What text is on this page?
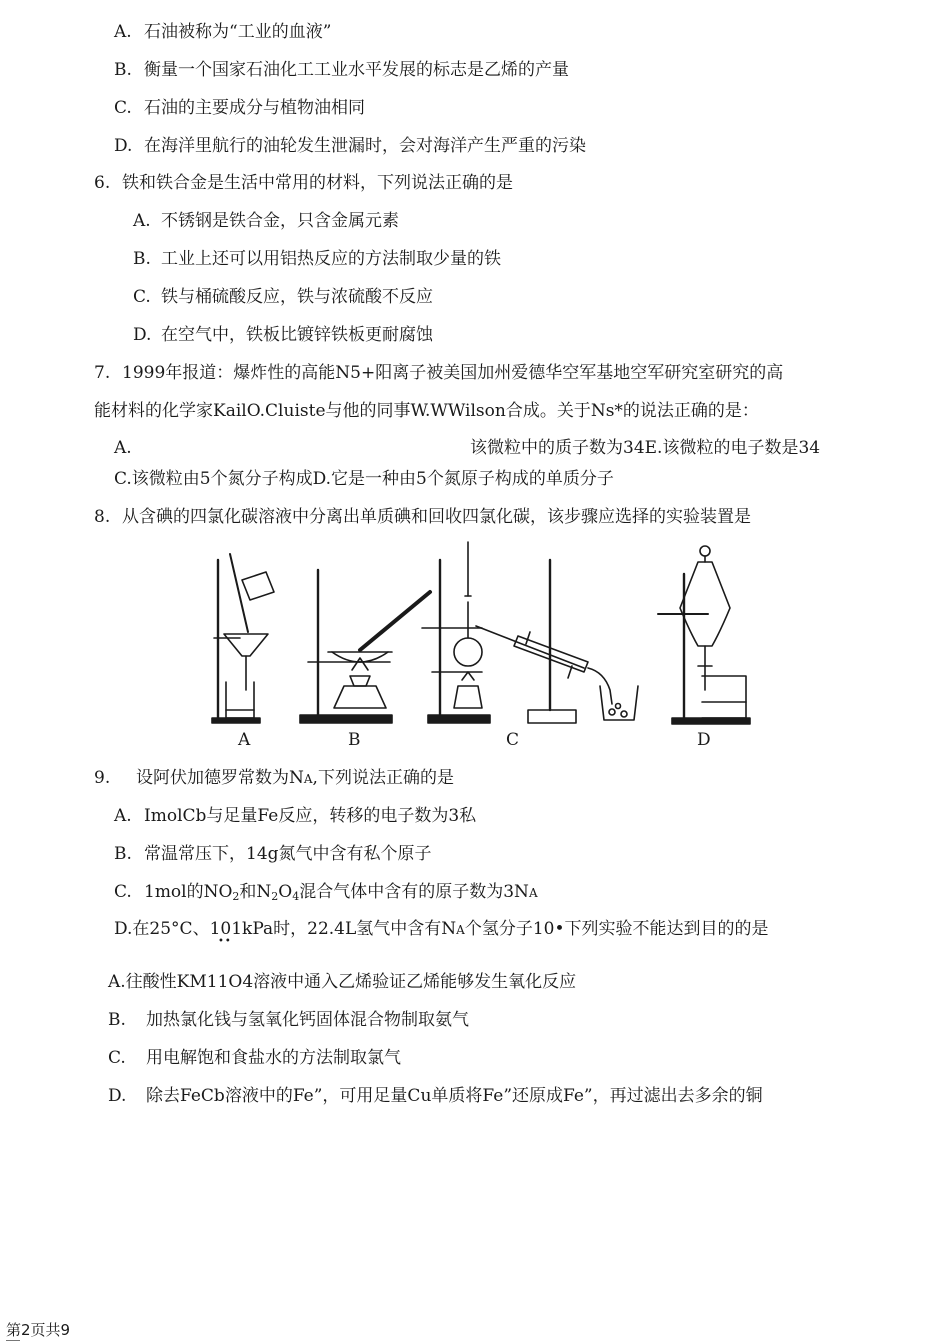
A. 石油被称为“工业的血液”
B. 衡量一个国家石油化工工业水平发展的标志是乙烯的产量
C. 石油的主要成分与植物油相同
D. 在海洋里航行的油轮发生泄漏时，会对海洋产生严重的污染
6. 铁和铁合金是生活中常用的材料，下列说法正确的是
A. 不锈钢是铁合金，只含金属元素
B. 工业上还可以用铝热反应的方法制取少量的铁
C. 铁与桶硫酸反应，铁与浓硫酸不反应
D. 在空气中，铁板比镀锌铁板更耐腐蚀
7. 1999年报道：爆炸性的高能N5+阳离子被美国加州爱德华空军基地空军研究室研究的高
能材料的化学家KailO.Cluiste与他的同事W.WWilson合成。关于Ns*的说法正确的是：
A.	该微粒中的质子数为34E.该微粒的电子数是34
C.该微粒由5个氮分子构成D.它是一种由5个氮原子构成的单质分子
8. 从含碘的四氯化碳溶液中分离出单质碘和回收四氯化碳，该步骤应选择的实验装置是
A	B	C	D
9. 设阿伏加德罗常数为NA,下列说法正确的是
A. ImolCb与足量Fe反应，转移的电子数为3私
B. 常温常压下，14g氮气中含有私个原子
C. 1mol的$NO_2$和$N_2O_4$混合气体中含有的原子数为3NA
D.在25°C、101kPa时，22.4L氢气中含有NA个氢分子10•下列实验不能达到目的的是
••
A.往酸性KM11O4溶液中通入乙烯验证乙烯能够发生氧化反应
B. 加热氯化钱与氢氧化钙固体混合物制取氨气
C. 用电解饱和食盐水的方法制取氯气
D. 除去FeCb溶液中的Fe”，可用足量Cu单质将Fe”还原成Fe”，再过滤出去多余的铜
第2页共9
